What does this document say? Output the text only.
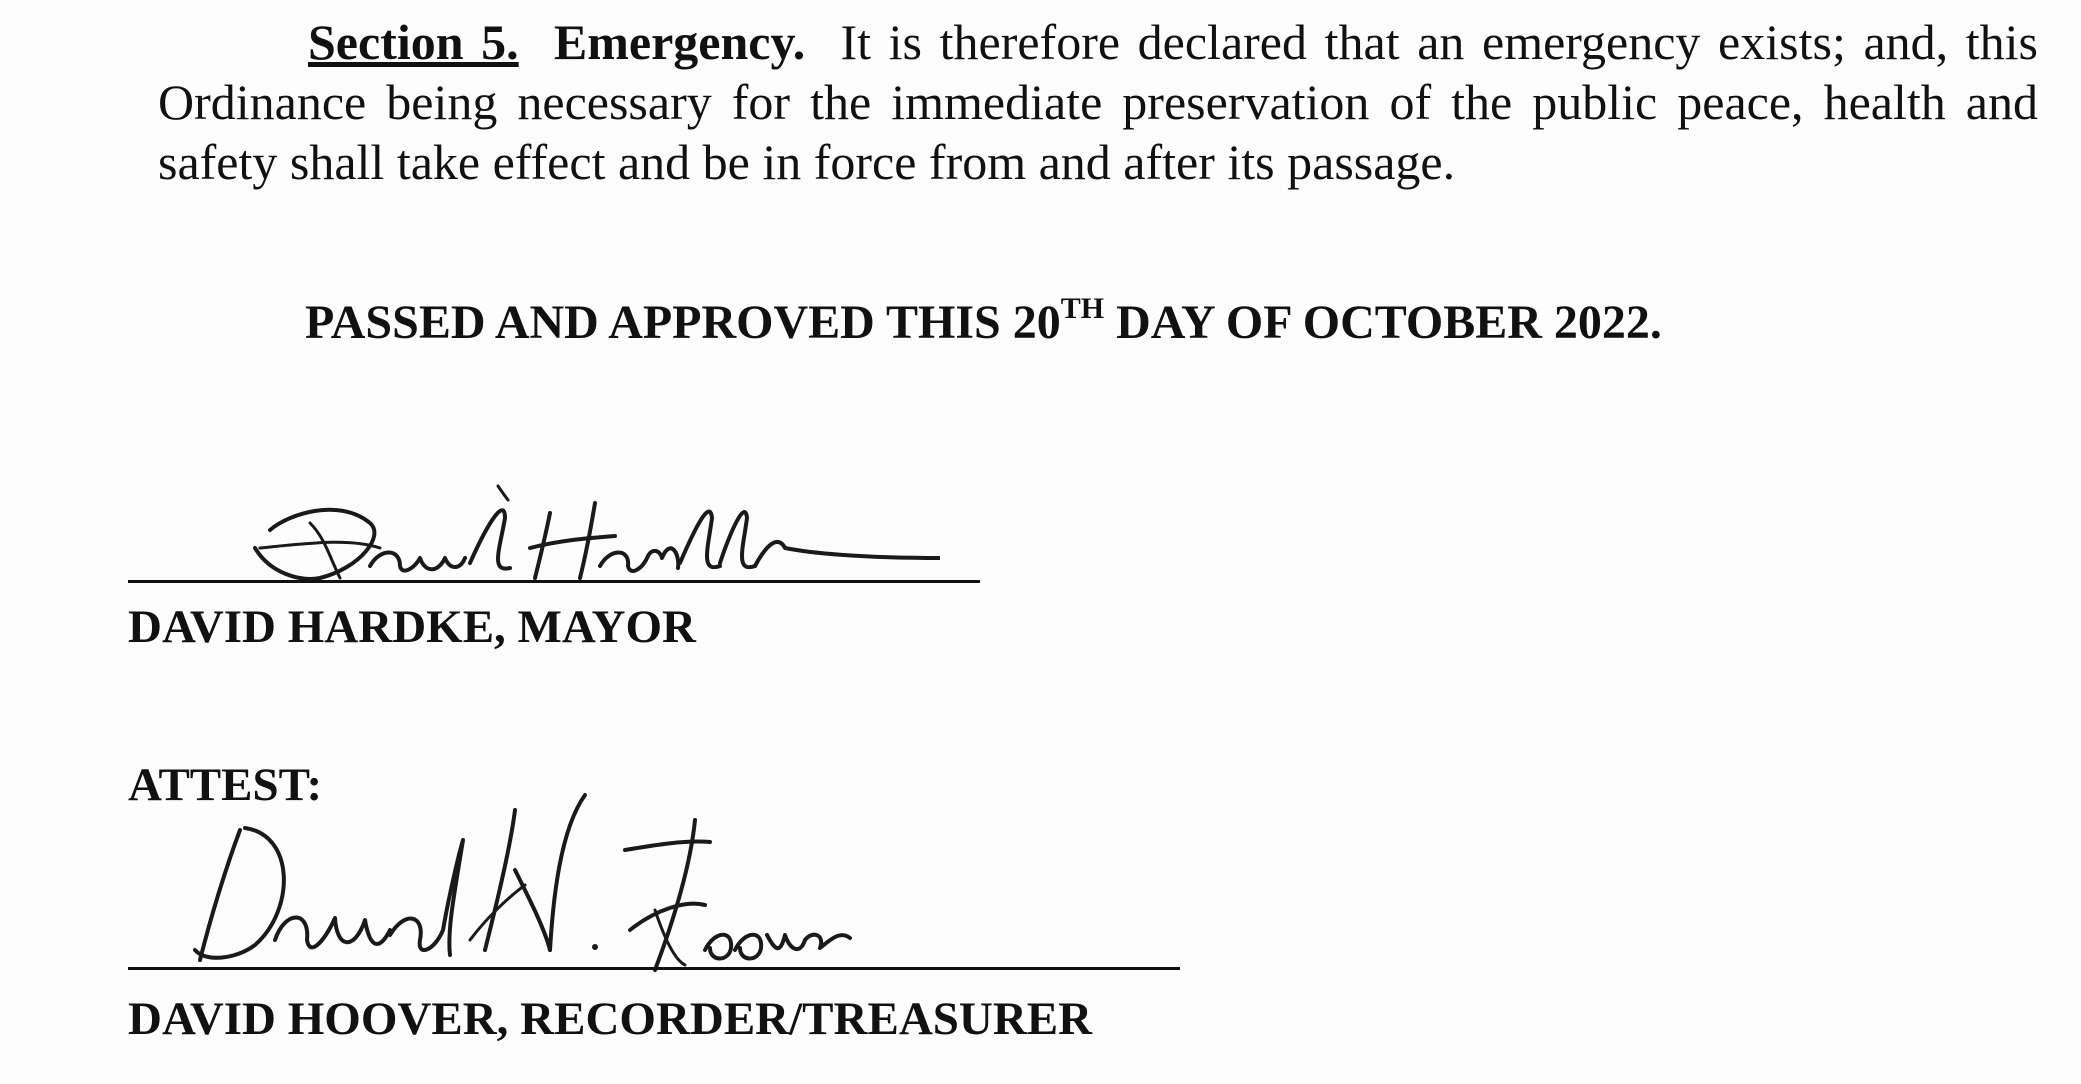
Section 5. Emergency. It is therefore declared that an emergency exists; and, this Ordinance being necessary for the immediate preservation of the public peace, health and safety shall take effect and be in force from and after its passage.

PASSED AND APPROVED THIS 20TH DAY OF OCTOBER 2022.
DAVID HARDKE, MAYOR
ATTEST:
DAVID HOOVER, RECORDER/TREASURER
